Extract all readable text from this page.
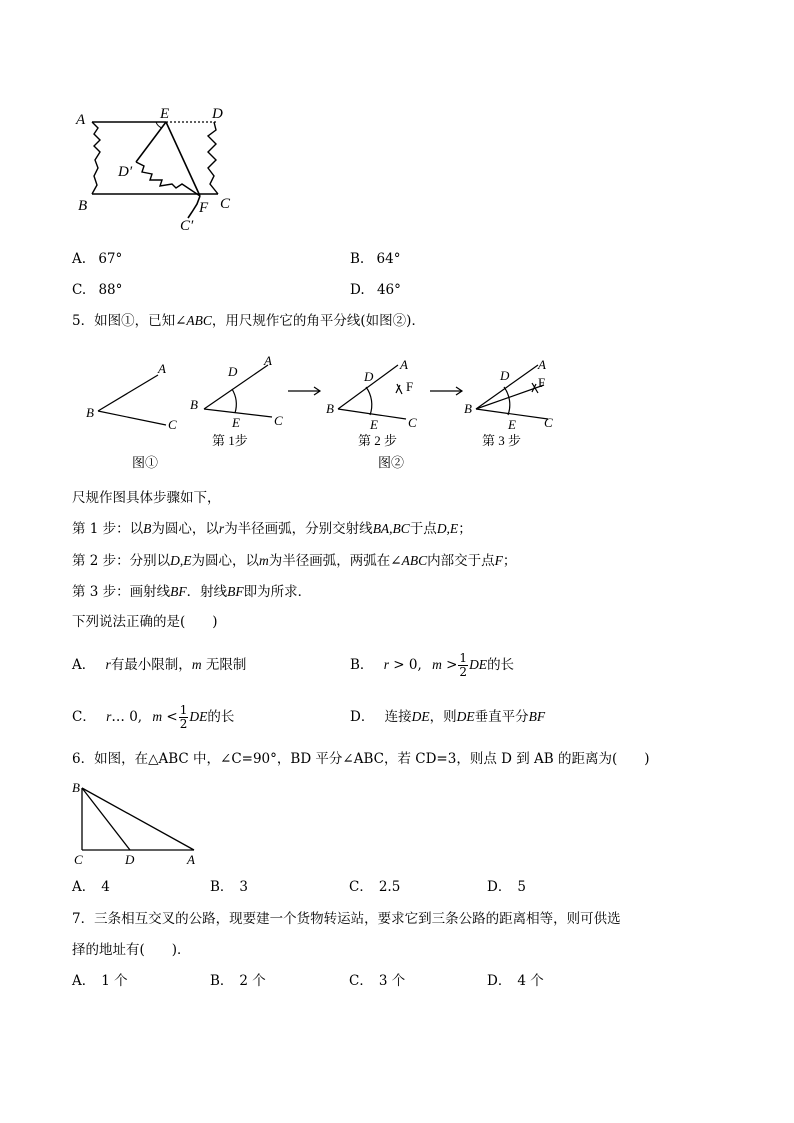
A	E	D
D′
B	F C
C′
A. 67°	B. 64°
C. 88°	D. 46°
5．如图①，已知∠ABC，用尺规作它的角平分线(如图②)．
A
B
C
A
D
B
E	C
A
D
F
B
E C
A
D F
B
E C
第 1步	第 2 步	第 3 步
图①	图②
尺规作图具体步骤如下，
第 1 步：以B为圆心，以r为半径画弧，分别交射线BA,BC于点D,E；
第 2 步：分别以D,E为圆心，以m为半径画弧，两弧在∠ABC内部交于点F；
第 3 步：画射线BF．射线BF即为所求．
下列说法正确的是(　　)
A． r有最小限制，m 无限制	B． r > 0, $m > \frac{1}{2}$ DE的长
C． r… 0, $m < \frac{1}{2}$ DE的长	D． 连接DE，则DE垂直平分BF
6．如图，在△ABC 中，∠C=90°，BD 平分∠ABC，若 CD=3，则点 D 到 AB 的距离为(　　)
B
C	D	A
A． 4	B． 3	C． 2.5	D． 5
7．三条相互交叉的公路，现要建一个货物转运站，要求它到三条公路的距离相等，则可供选
择的地址有(　　)．
A． 1 个	B． 2 个	C． 3 个	D． 4 个
